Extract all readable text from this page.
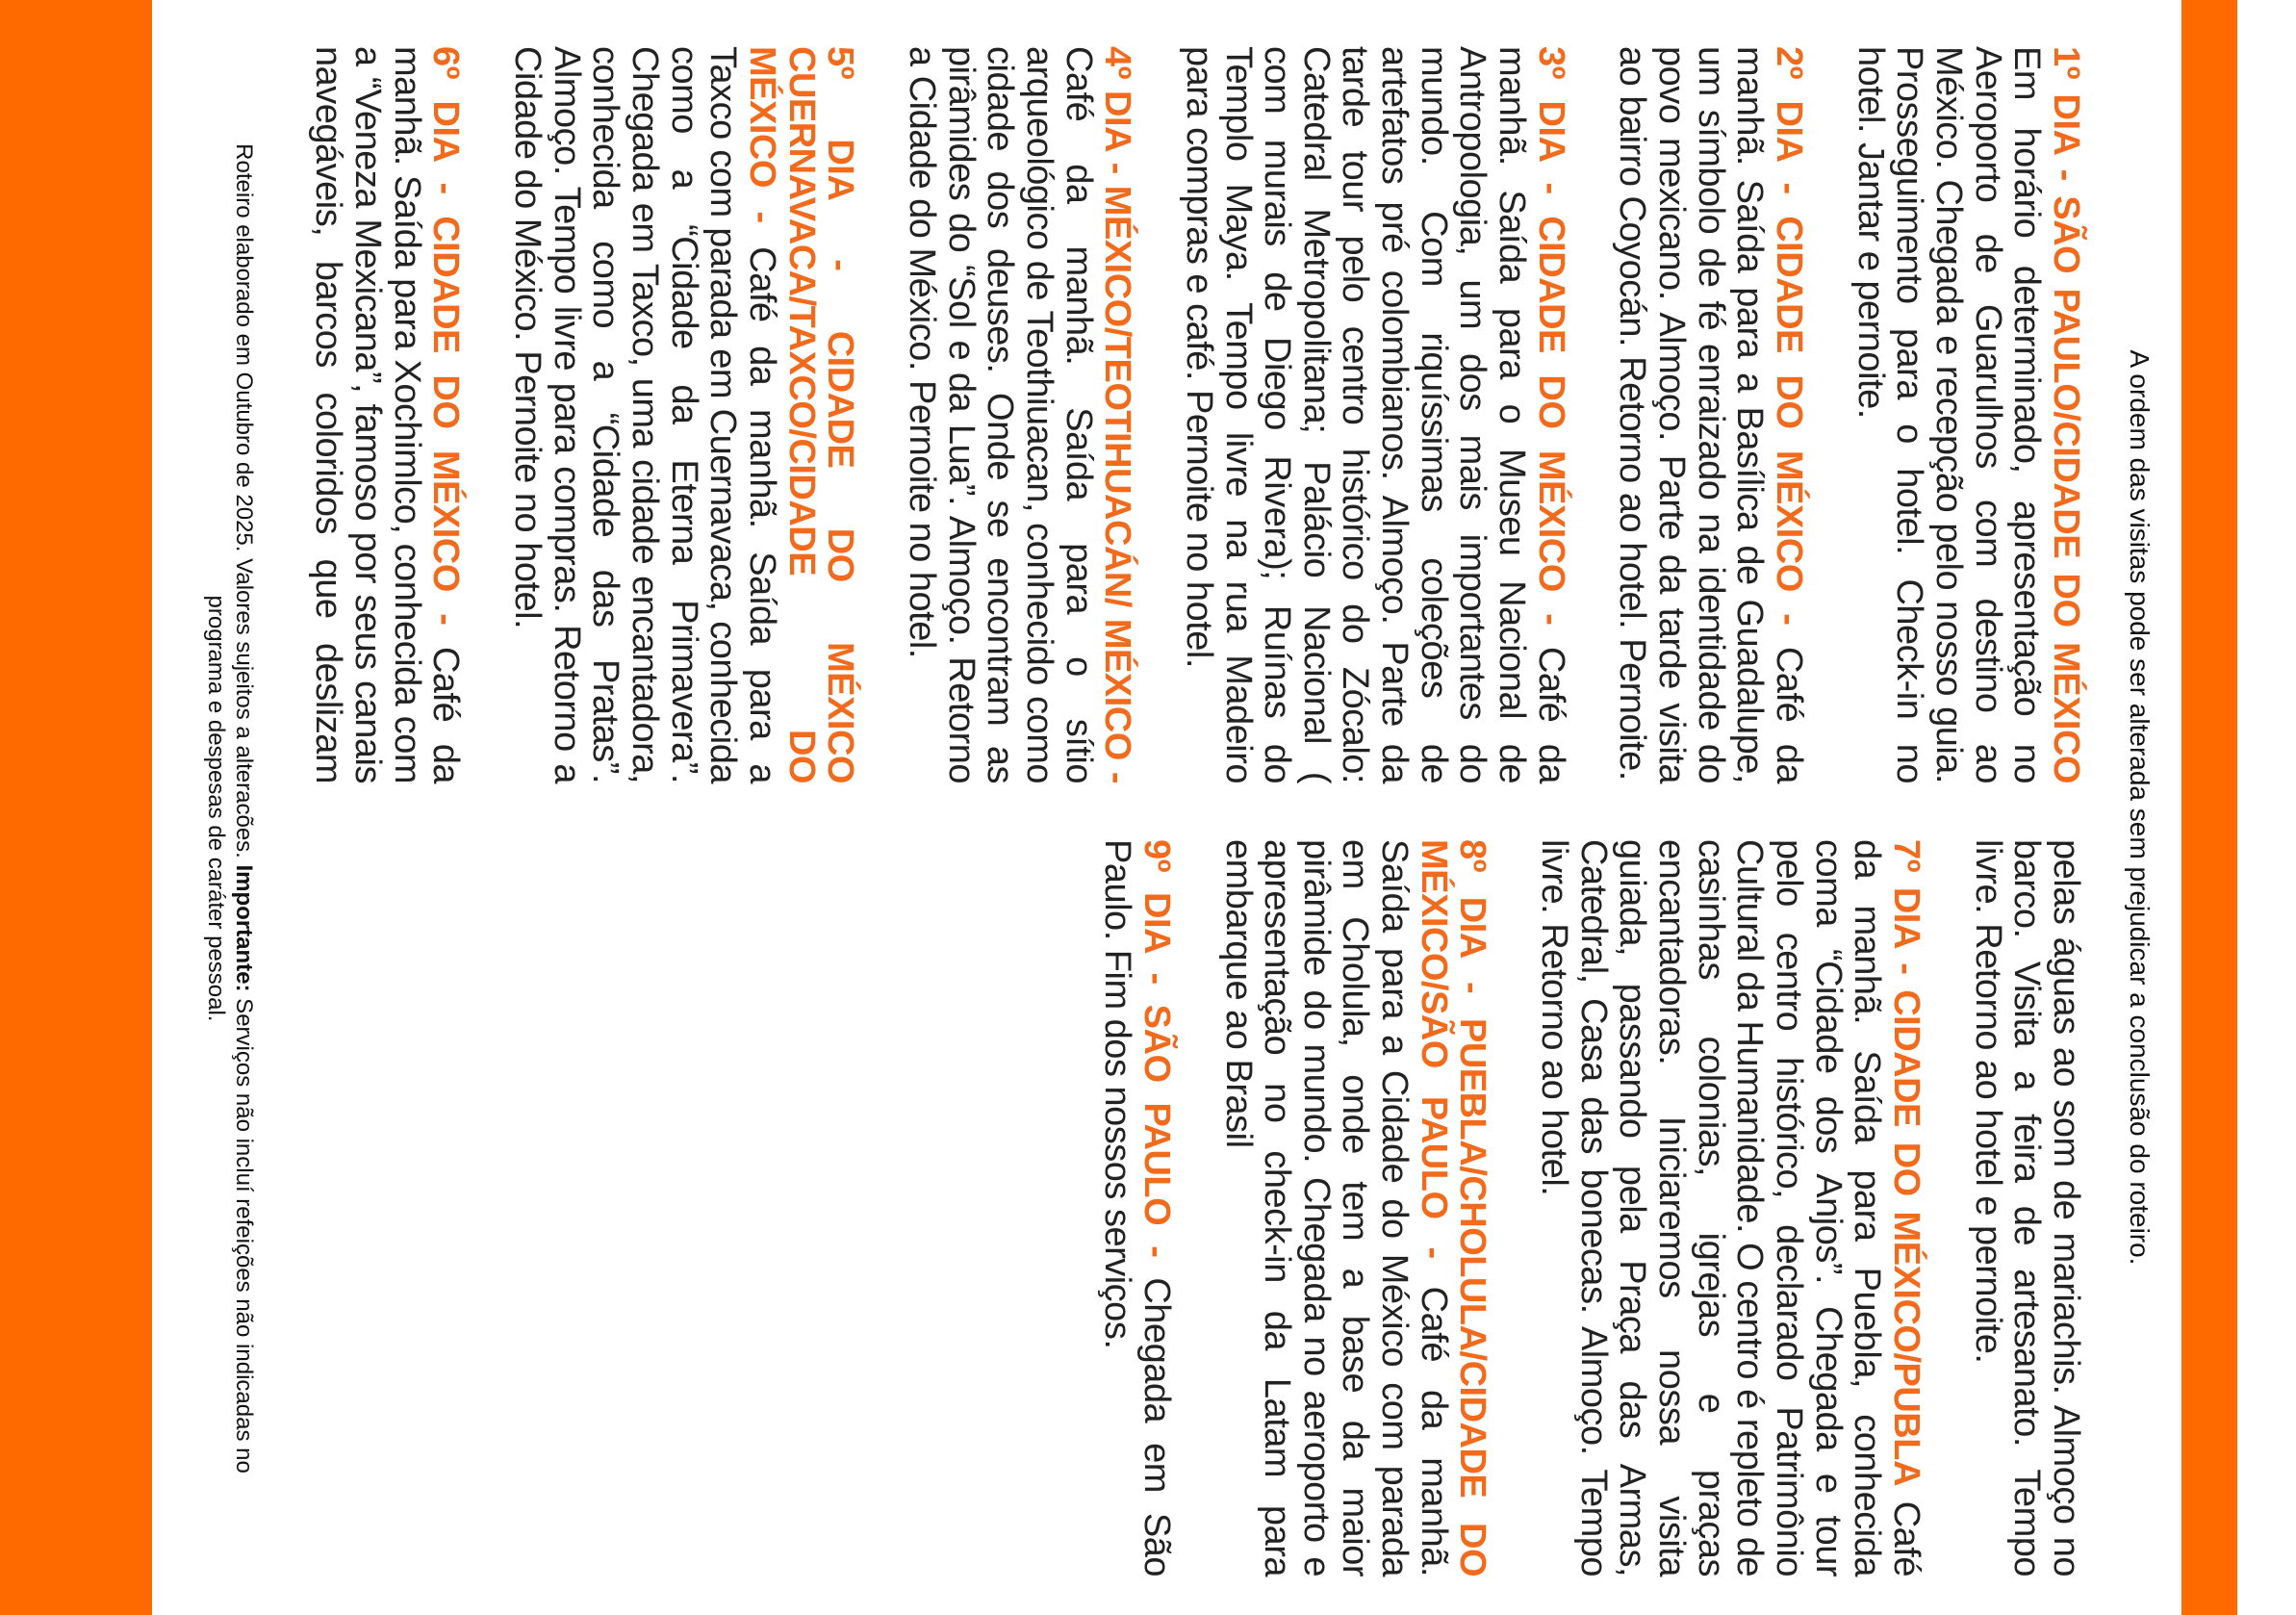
A ordem das visitas pode ser alterada sem prejudicar a conclusão do roteiro.

1º DIA - SÃO PAULO/CIDADE DO MÉXICO Em horário determinado, apresentação no Aeroporto de Guarulhos com destino ao México. Chegada e recepção pelo nosso guia. Prosseguimento para o hotel. Check-in no hotel. Jantar e pernoite.

2º DIA - CIDADE DO MÉXICO - Café da manhã. Saída para a Basílica de Guadalupe, um símbolo de fé enraizado na identidade do povo mexicano. Almoço. Parte da tarde visita ao bairro Coyocán. Retorno ao hotel. Pernoite.

3º DIA - CIDADE DO MÉXICO - Café da manhã. Saída para o Museu Nacional de Antropologia, um dos mais importantes do mundo. Com riquíssimas coleções de artefatos pré colombianos. Almoço. Parte da tarde tour pelo centro histórico do Zócalo: Catedral Metropolitana; Palácio Nacional ( com murais de Diego Rivera); Ruínas do Templo Maya. Tempo livre na rua Madeiro para compras e café. Pernoite no hotel.

4º DIA - MÉXICO/TEOTIHUACÁN/ MÉXICO - Café da manhã. Saída para o sítio arqueológico de Teothiuacan, conhecido como cidade dos deuses. Onde se encontram as pirâmides do “Sol e da Lua”. Almoço. Retorno a Cidade do México. Pernoite no hotel.

5º DIA - CIDADE DO MÉXICO CUERNAVACA/TAXCO/CIDADE DO MÉXICO - Café da manhã. Saída para a Taxco com parada em Cuernavaca, conhecida como a “Cidade da Eterna Primavera”. Chegada em Taxco, uma cidade encantadora, conhecida como a “Cidade das Pratas”. Almoço. Tempo livre para compras. Retorno a Cidade do México. Pernoite no hotel.

6º DIA - CIDADE DO MÉXICO - Café da manhã. Saída para Xochimlco, conhecida com a “Veneza Mexicana”, famoso por seus canais navegáveis, barcos coloridos que deslizam pelas águas ao som de mariachis. Almoço no barco. Visita a feira de artesanato. Tempo livre. Retorno ao hotel e pernoite.

7º DIA - CIDADE DO MÉXICO/PUBLA Café da manhã. Saída para Puebla, conhecida coma “Cidade dos Anjos”. Chegada e tour pelo centro histórico, declarado Patrimônio Cultural da Humanidade. O centro é repleto de casinhas colonias, igrejas e praças encantadoras. Iniciaremos nossa visita guiada, passando pela Praça das Armas, Catedral, Casa das bonecas. Almoço. Tempo livre. Retorno ao hotel.

8º DIA - PUEBLA/CHOLULA/CIDADE DO MÉXICO/SÃO PAULO - Café da manhã. Saída para a Cidade do México com parada em Cholula, onde tem a base da maior pirâmide do mundo. Chegada no aeroporto e apresentação no check-in da Latam para embarque ao Brasil

9º DIA - SÃO PAULO - Chegada em São Paulo. Fim dos nossos serviços.

Roteiro elaborado em Outubro de 2025. Valores sujeitos a alteracões. Importante: Serviços não incluí refeições não indicadas no programa e despesas de caráter pessoal.
